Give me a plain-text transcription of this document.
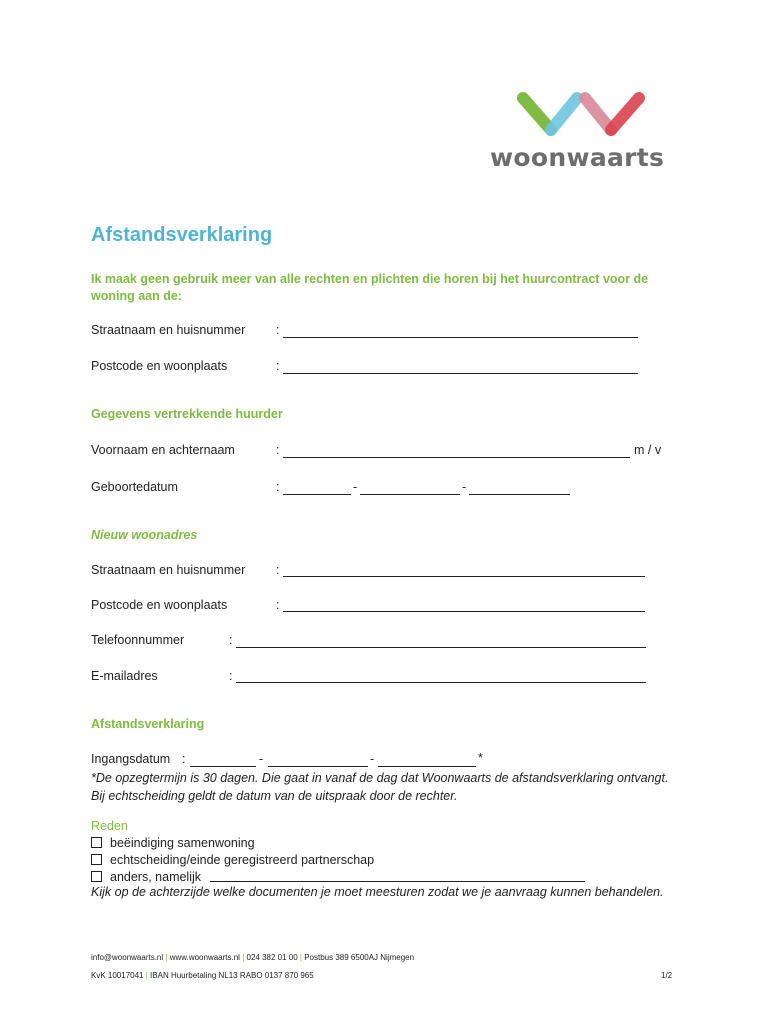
woonwaarts
Afstandsverklaring
Ik maak geen gebruik meer van alle rechten en plichten die horen bij het huurcontract voor de woning aan de:
Straatnaam en huisnummer :
Postcode en woonplaats	:
Gegevens vertrekkende huurder
Voornaam en achternaam	:	m / v
Geboortedatum	:	-	-
Nieuw woonadres
Straatnaam en huisnummer :
Postcode en woonplaats	:
Telefoonnummer	:
E-mailadres	:
Afstandsverklaring
Ingangsdatum :	-	-	*
*De opzegtermijn is 30 dagen. Die gaat in vanaf de dag dat Woonwaarts de afstandsverklaring ontvangt. Bij echtscheiding geldt de datum van de uitspraak door de rechter.
Reden
beëindiging samenwoning
echtscheiding/einde geregistreerd partnerschap
anders, namelijk
Kijk op de achterzijde welke documenten je moet meesturen zodat we je aanvraag kunnen behandelen.
info@woonwaarts.nl | www.woonwaarts.nl | 024 382 01 00 | Postbus 389 6500AJ Nijmegen
KvK 10017041 | IBAN Huurbetaling NL13 RABO 0137 870 965	1/2
